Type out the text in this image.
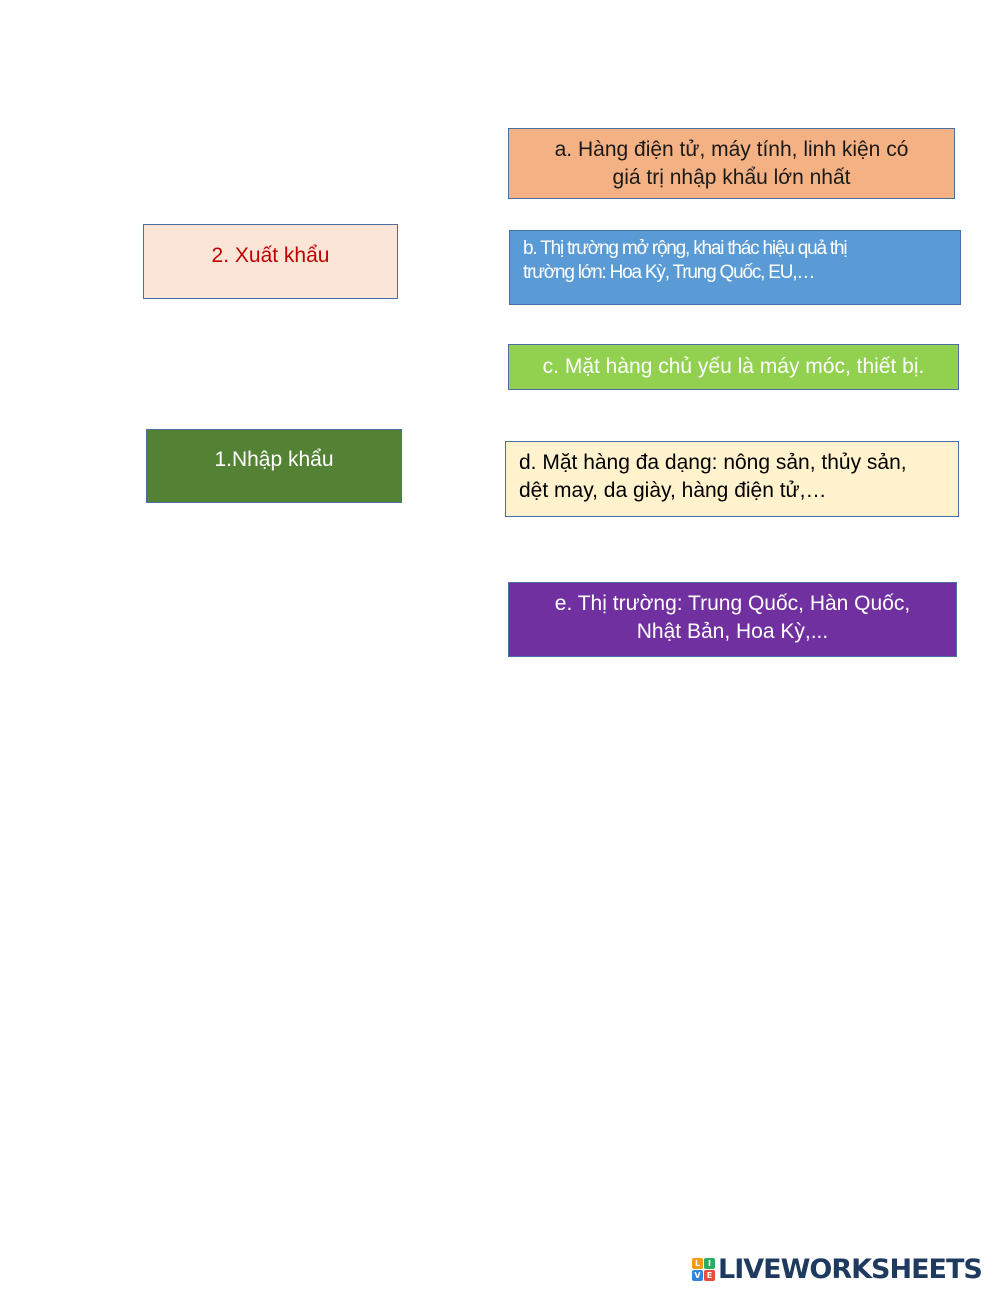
2. Xuất khẩu
1.Nhập khẩu
a. Hàng điện tử, máy tính, linh kiện có
giá trị nhập khẩu lớn nhất
b. Thị trường mở rộng, khai thác hiệu quả thị
trường lớn: Hoa Kỳ, Trung Quốc, EU,…
c. Mặt hàng chủ yếu là máy móc, thiết bị.
d. Mặt hàng đa dạng: nông sản, thủy sản,
dệt may, da giày, hàng điện tử,…
e. Thị trường: Trung Quốc, Hàn Quốc,
Nhật Bản, Hoa Kỳ,...
L I
V E LIVEWORKSHEETS
